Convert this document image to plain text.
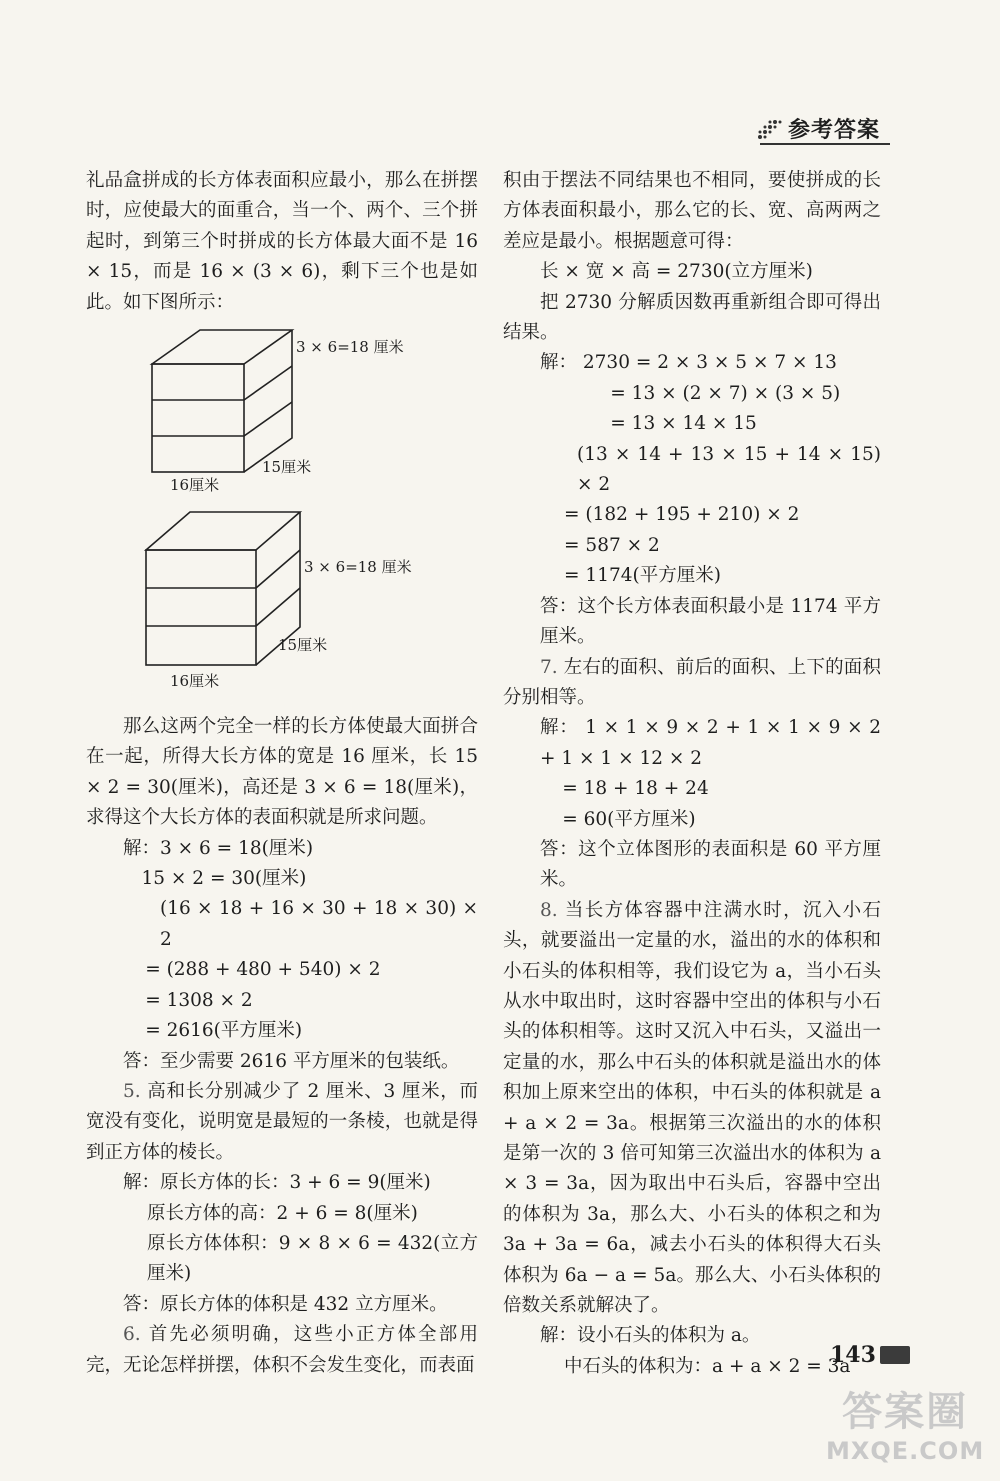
参考答案

礼品盒拼成的长方体表面积应最小，那么在拼摆时，应使最大的面重合，当一个、两个、三个拼起时，到第三个时拼成的长方体最大面不是 16 × 15，而是 16 × (3 × 6)，剩下三个也是如此。如下图所示：

3 × 6=18 厘米
15厘米
16厘米
3 × 6=18 厘米
15厘米
16厘米

那么这两个完全一样的长方体使最大面拼合在一起，所得大长方体的宽是 16 厘米，长 15 × 2 = 30(厘米)，高还是 3 × 6 = 18(厘米)，求得这个大长方体的表面积就是所求问题。

解：3 × 6 = 18(厘米)

15 × 2 = 30(厘米)

(16 × 18 + 16 × 30 + 18 × 30) × 2

= (288 + 480 + 540) × 2

= 1308 × 2

= 2616(平方厘米)

答：至少需要 2616 平方厘米的包装纸。

5. 高和长分别减少了 2 厘米、3 厘米，而宽没有变化，说明宽是最短的一条棱，也就是得到正方体的棱长。

解：原长方体的长：3 + 6 = 9(厘米)

原长方体的高：2 + 6 = 8(厘米)

原长方体体积：9 × 8 × 6 = 432(立方厘米)

答：原长方体的体积是 432 立方厘米。

6. 首先必须明确，这些小正方体全部用完，无论怎样拼摆，体积不会发生变化，而表面

积由于摆法不同结果也不相同，要使拼成的长方体表面积最小，那么它的长、宽、高两两之差应是最小。根据题意可得：

长 × 宽 × 高 = 2730(立方厘米)

把 2730 分解质因数再重新组合即可得出结果。

解： 2730 = 2 × 3 × 5 × 7 × 13

= 13 × (2 × 7) × (3 × 5)

= 13 × 14 × 15

(13 × 14 + 13 × 15 + 14 × 15) × 2

= (182 + 195 + 210) × 2

= 587 × 2

= 1174(平方厘米)

答：这个长方体表面积最小是 1174 平方厘米。

7. 左右的面积、前后的面积、上下的面积分别相等。

解： 1 × 1 × 9 × 2 + 1 × 1 × 9 × 2 + 1 × 1 × 12 × 2

= 18 + 18 + 24

= 60(平方厘米)

答：这个立体图形的表面积是 60 平方厘米。

8. 当长方体容器中注满水时，沉入小石头，就要溢出一定量的水，溢出的水的体积和小石头的体积相等，我们设它为 a，当小石头从水中取出时，这时容器中空出的体积与小石头的体积相等。这时又沉入中石头，又溢出一定量的水，那么中石头的体积就是溢出水的体积加上原来空出的体积，中石头的体积就是 a + a × 2 = 3a。根据第三次溢出的水的体积是第一次的 3 倍可知第三次溢出水的体积为 a × 3 = 3a，因为取出中石头后，容器中空出的体积为 3a，那么大、小石头的体积之和为 3a + 3a = 6a，减去小石头的体积得大石头体积为 6a − a = 5a。那么大、小石头体积的倍数关系就解决了。

解：设小石头的体积为 a。

中石头的体积为：a + a × 2 = 3a

143
答案圈
MXQE.COM
